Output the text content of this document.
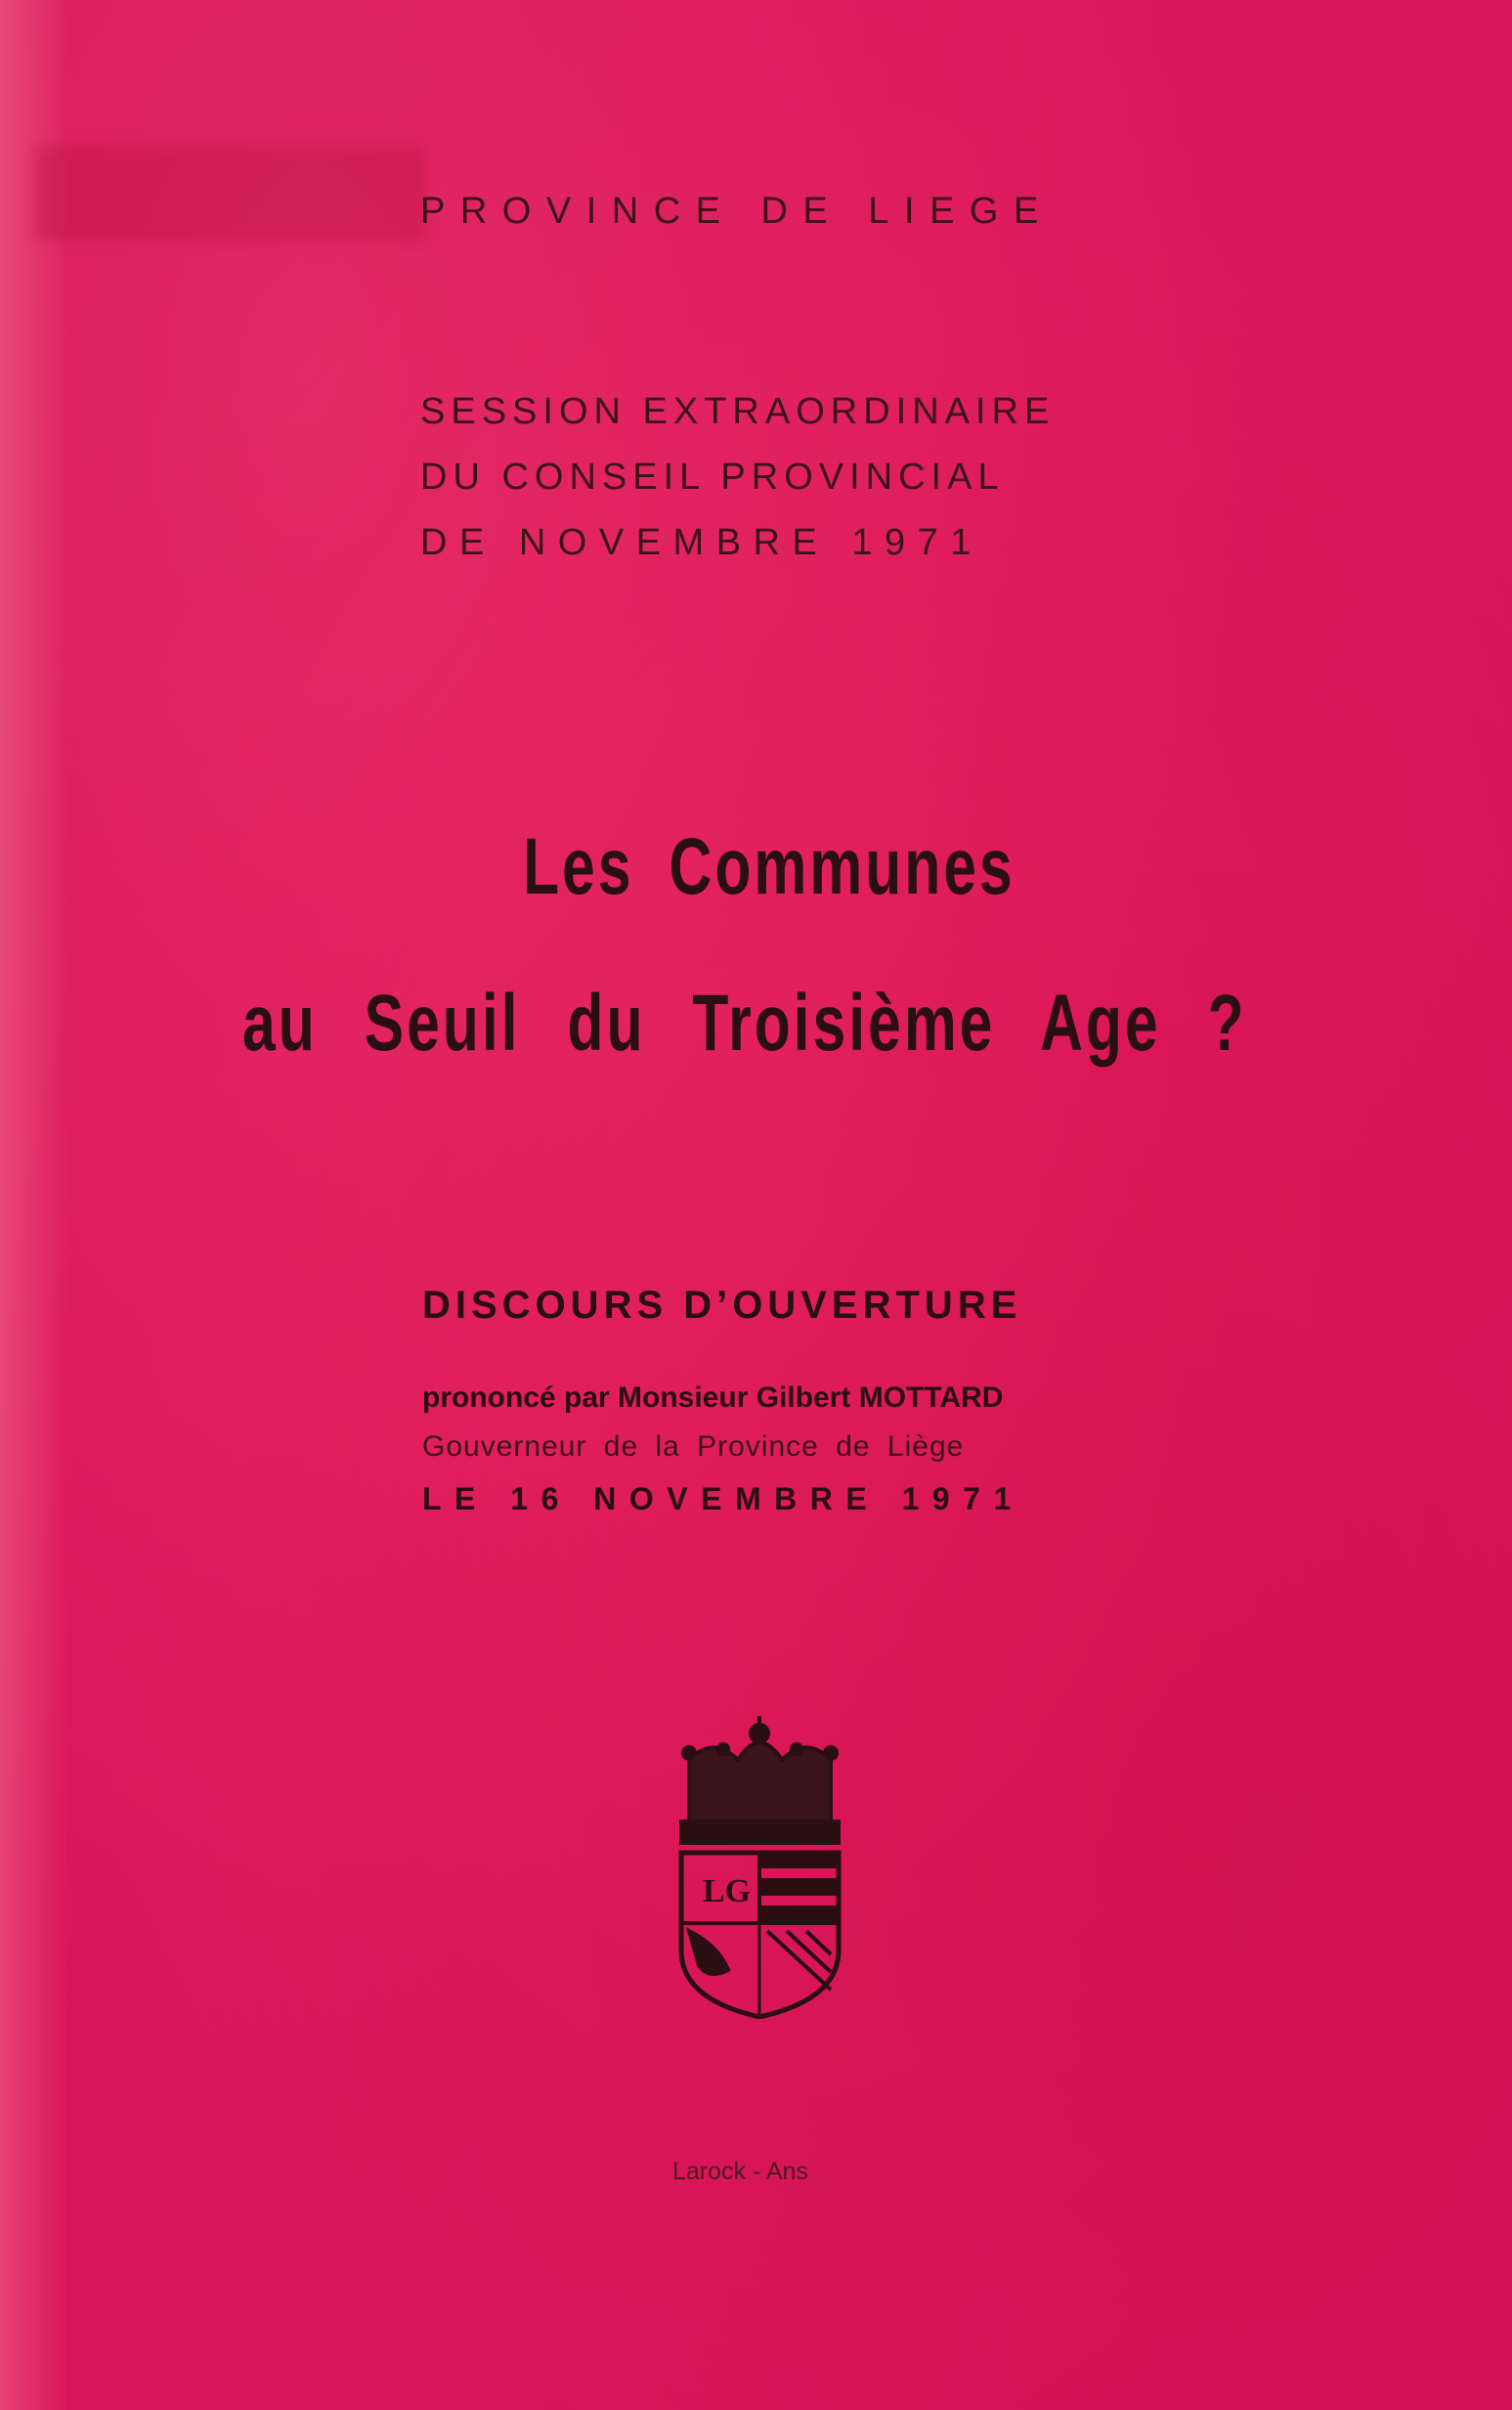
PROVINCE DE LIEGE

SESSION EXTRAORDINAIRE

DU CONSEIL PROVINCIAL

DE NOVEMBRE 1971

Les Communes
au Seuil du Troisième Age ?

DISCOURS D’OUVERTURE

prononcé par Monsieur Gilbert MOTTARD

Gouverneur de la Province de Liège

LE 16 NOVEMBRE 1971

LG

Larock - Ans
